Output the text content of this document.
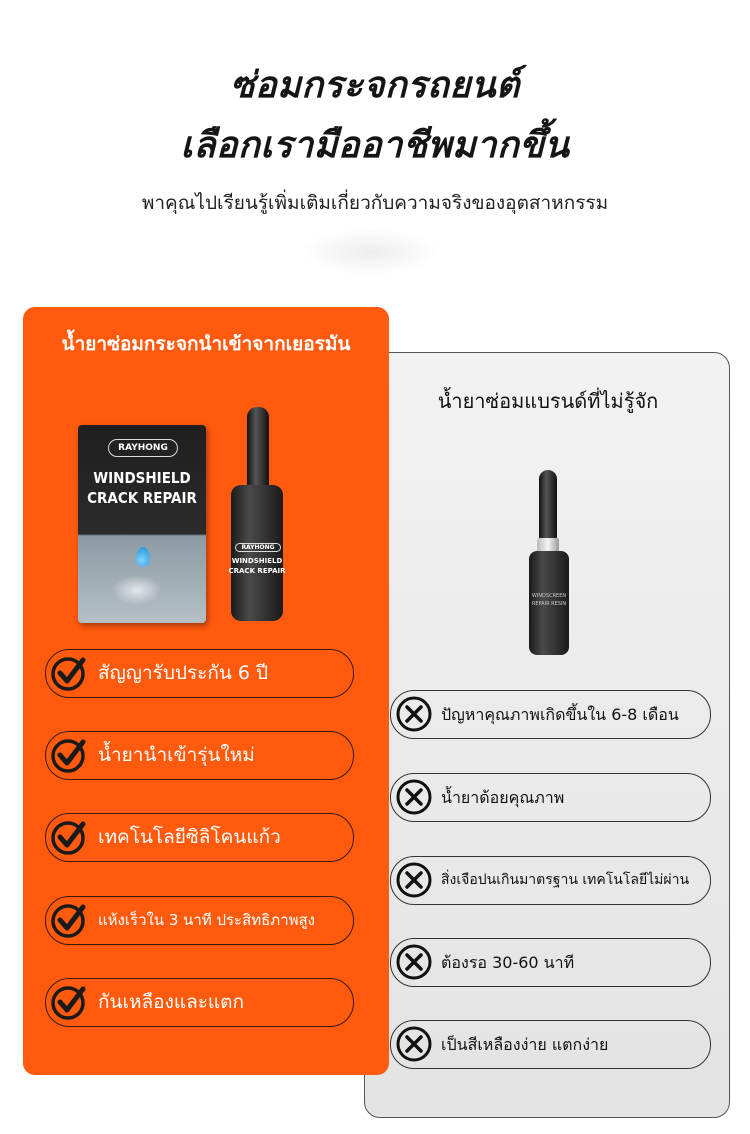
ซ่อมกระจกรถยนต์
เลือกเรามืออาชีพมากขึ้น
พาคุณไปเรียนรู้เพิ่มเติมเกี่ยวกับความจริงของอุตสาหกรรม
น้ำยาซ่อมแบรนด์ที่ไม่รู้จัก
WINDSCREEN
REPAIR RESIN
ปัญหาคุณภาพเกิดขึ้นใน 6-8 เดือน
น้ำยาด้อยคุณภาพ
สิ่งเจือปนเกินมาตรฐาน เทคโนโลยีไม่ผ่าน
ต้องรอ 30-60 นาที
เป็นสีเหลืองง่าย แตกง่าย
น้ำยาซ่อมกระจกนำเข้าจากเยอรมัน
RAYHONG
WINDSHIELD
CRACK REPAIR
RAYHONG
WINDSHIELD
CRACK REPAIR
สัญญารับประกัน 6 ปี
น้ำยานำเข้ารุ่นใหม่
เทคโนโลยีซิลิโคนแก้ว
แห้งเร็วใน 3 นาที ประสิทธิภาพสูง
กันเหลืองและแตก
